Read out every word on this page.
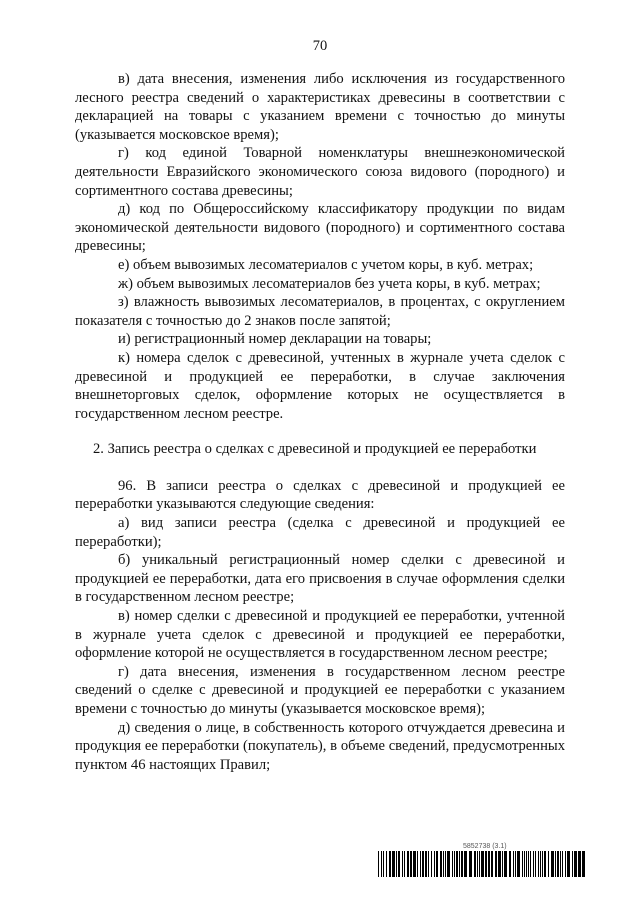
70

в) дата внесения, изменения либо исключения из государственного лесного реестра сведений о характеристиках древесины в соответствии с декларацией на товары с указанием времени с точностью до минуты (указывается московское время);

г) код единой Товарной номенклатуры внешнеэкономической деятельности Евразийского экономического союза видового (породного) и сортиментного состава древесины;

д) код по Общероссийскому классификатору продукции по видам экономической деятельности видового (породного) и сортиментного состава древесины;

е) объем вывозимых лесоматериалов с учетом коры, в куб. метрах;

ж) объем вывозимых лесоматериалов без учета коры, в куб. метрах;

з) влажность вывозимых лесоматериалов, в процентах, с округлением показателя с точностью до 2 знаков после запятой;

и) регистрационный номер декларации на товары;

к) номера сделок с древесиной, учтенных в журнале учета сделок с древесиной и продукцией ее переработки, в случае заключения внешнеторговых сделок, оформление которых не осуществляется в государственном лесном реестре.

2. Запись реестра о сделках с древесиной и продукцией ее переработки

96. В записи реестра о сделках с древесиной и продукцией ее переработки указываются следующие сведения:

а) вид записи реестра (сделка с древесиной и продукцией ее переработки);

б) уникальный регистрационный номер сделки с древесиной и продукцией ее переработки, дата его присвоения в случае оформления сделки в государственном лесном реестре;

в) номер сделки с древесиной и продукцией ее переработки, учтенной в журнале учета сделок с древесиной и продукцией ее переработки, оформление которой не осуществляется в государственном лесном реестре;

г) дата внесения, изменения в государственном лесном реестре сведений о сделке с древесиной и продукцией ее переработки с указанием времени с точностью до минуты (указывается московское время);

д) сведения о лице, в собственность которого отчуждается древесина и продукция ее переработки (покупатель), в объеме сведений, предусмотренных пунктом 46 настоящих Правил;

5852738 (3.1)
